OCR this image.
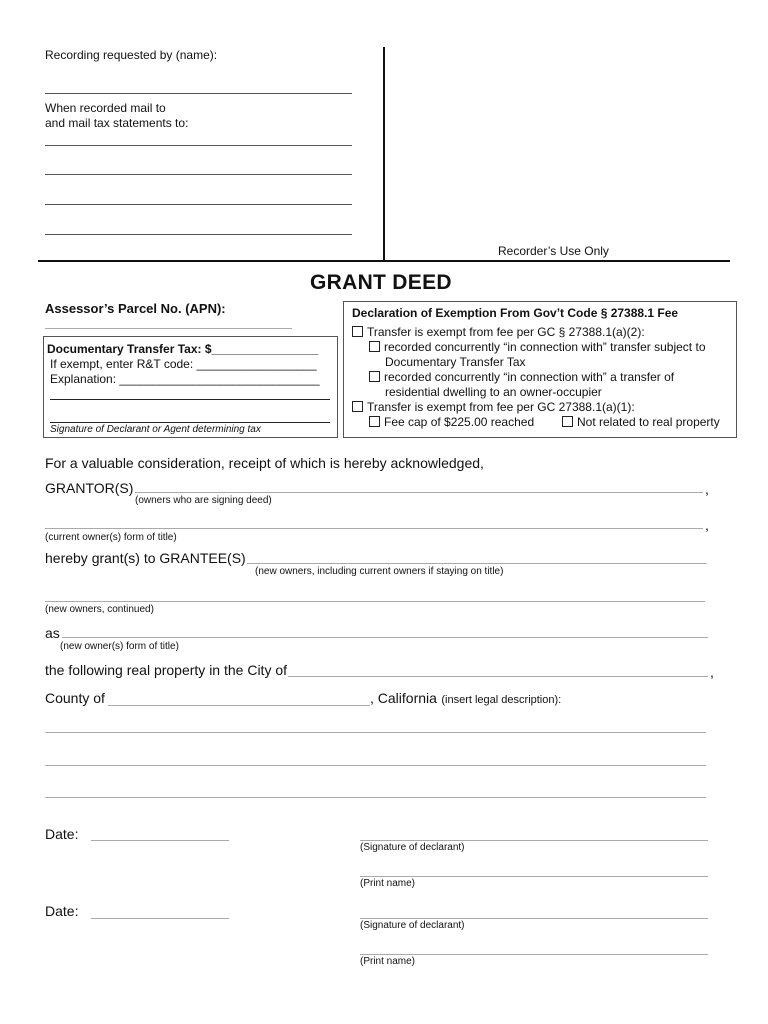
Recording requested by (name):
When recorded mail to
and mail tax statements to:
Recorder’s Use Only
GRANT DEED
Assessor’s Parcel No. (APN):
Documentary Transfer Tax: $________________
If exempt, enter R&T code: __________________
Explanation: ______________________________
Signature of Declarant or Agent determining tax
Declaration of Exemption From Gov’t Code § 27388.1 Fee
Transfer is exempt from fee per GC § 27388.1(a)(2):
recorded concurrently “in connection with” transfer subject to
Documentary Transfer Tax
recorded concurrently “in connection with” a transfer of
residential dwelling to an owner-occupier
Transfer is exempt from fee per GC 27388.1(a)(1):
Fee cap of $225.00 reached	Not related to real property
For a valuable consideration, receipt of which is hereby acknowledged,
GRANTOR(S)	,
(owners who are signing deed)
,
(current owner(s) form of title)
hereby grant(s) to GRANTEE(S)
(new owners, including current owners if staying on title)
(new owners, continued)
as
(new owner(s) form of title)
the following real property in the City of	,
County of	, California (insert legal description):
Date:
(Signature of declarant)
(Print name)
Date:
(Signature of declarant)
(Print name)
